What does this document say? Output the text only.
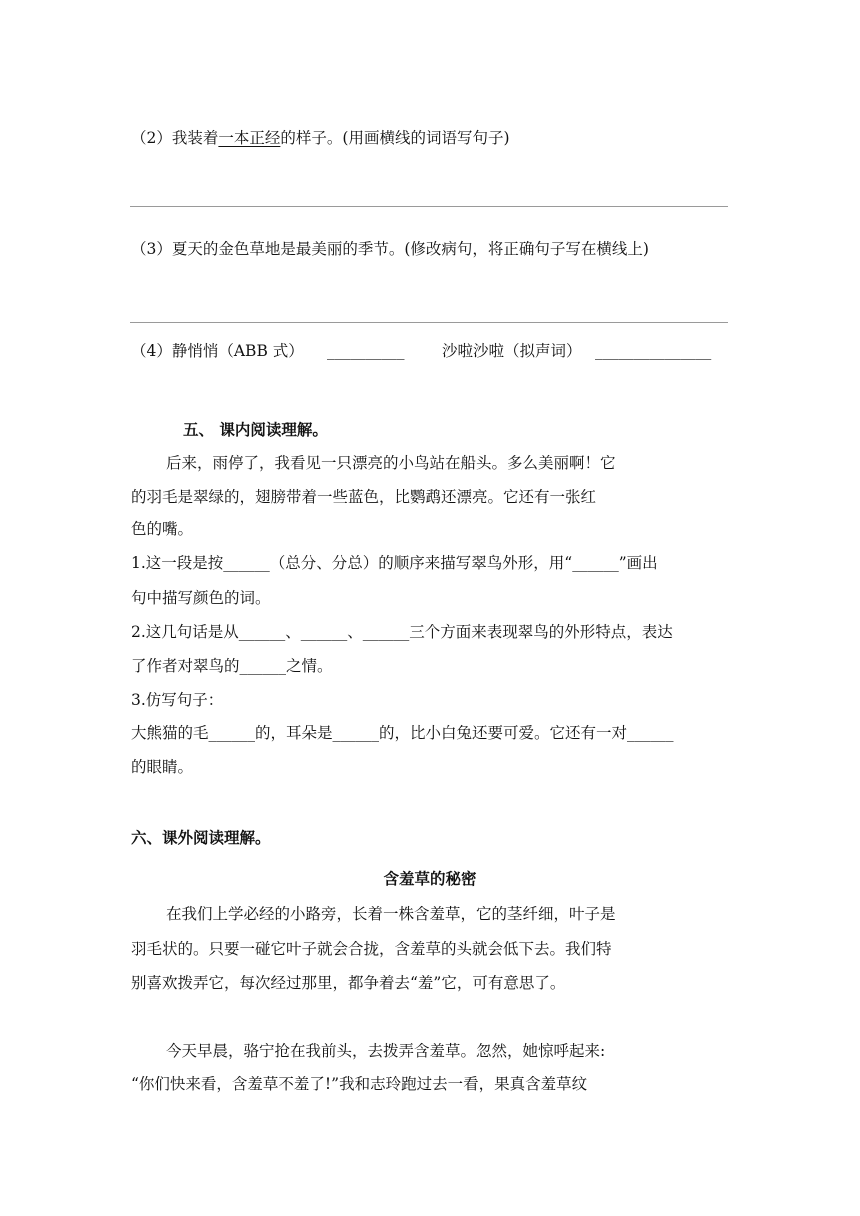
（2）我装着一本正经的样子。(用画横线的词语写句子)
（3）夏天的金色草地是最美丽的季节。(修改病句，将正确句子写在横线上)
（4）静悄悄（ABB 式） __________ 沙啦沙啦（拟声词） _______________
五、 课内阅读理解。
后来，雨停了，我看见一只漂亮的小鸟站在船头。多么美丽啊！它
的羽毛是翠绿的，翅膀带着一些蓝色，比鹦鹉还漂亮。它还有一张红
色的嘴。
1.这一段是按______（总分、分总）的顺序来描写翠鸟外形，用“______”画出
句中描写颜色的词。
2.这几句话是从______、______、______三个方面来表现翠鸟的外形特点，表达
了作者对翠鸟的______之情。
3.仿写句子：
大熊猫的毛______的，耳朵是______的，比小白兔还要可爱。它还有一对______
的眼睛。
六、课外阅读理解。
含羞草的秘密
在我们上学必经的小路旁，长着一株含羞草，它的茎纤细，叶子是
羽毛状的。只要一碰它叶子就会合拢，含羞草的头就会低下去。我们特
别喜欢拨弄它，每次经过那里，都争着去“羞”它，可有意思了。
今天早晨，骆宁抢在我前头，去拨弄含羞草。忽然，她惊呼起来:
“你们快来看，含羞草不羞了!”我和志玲跑过去一看，果真含羞草纹
